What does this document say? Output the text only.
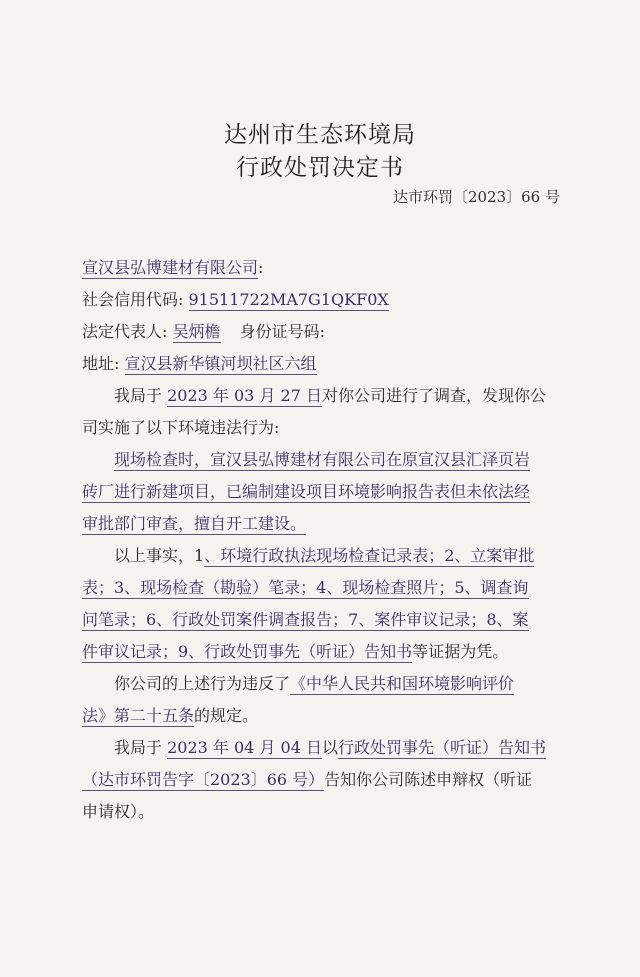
达州市生态环境局
行政处罚决定书
达市环罚〔2023〕66 号
宣汉县弘博建材有限公司:
社会信用代码: 91511722MA7G1QKF0X
法定代表人: 吴炳檐 身份证号码:
地址: 宣汉县新华镇河坝社区六组
我局于 2023 年 03 月 27 日对你公司进行了调查，发现你公
司实施了以下环境违法行为:
现场检查时，宣汉县弘博建材有限公司在原宣汉县汇泽页岩
砖厂进行新建项目，已编制建设项目环境影响报告表但未依法经
审批部门审查，擅自开工建设。
以上事实，1、环境行政执法现场检查记录表；2、立案审批
表；3、现场检查（勘验）笔录；4、现场检查照片；5、调查询
问笔录；6、行政处罚案件调查报告；7、案件审议记录；8、案
件审议记录；9、行政处罚事先（听证）告知书等证据为凭。
你公司的上述行为违反了《中华人民共和国环境影响评价
法》第二十五条的规定。
我局于 2023 年 04 月 04 日以行政处罚事先（听证）告知书
（达市环罚告字〔2023〕66 号）告知你公司陈述申辩权（听证
申请权）。
